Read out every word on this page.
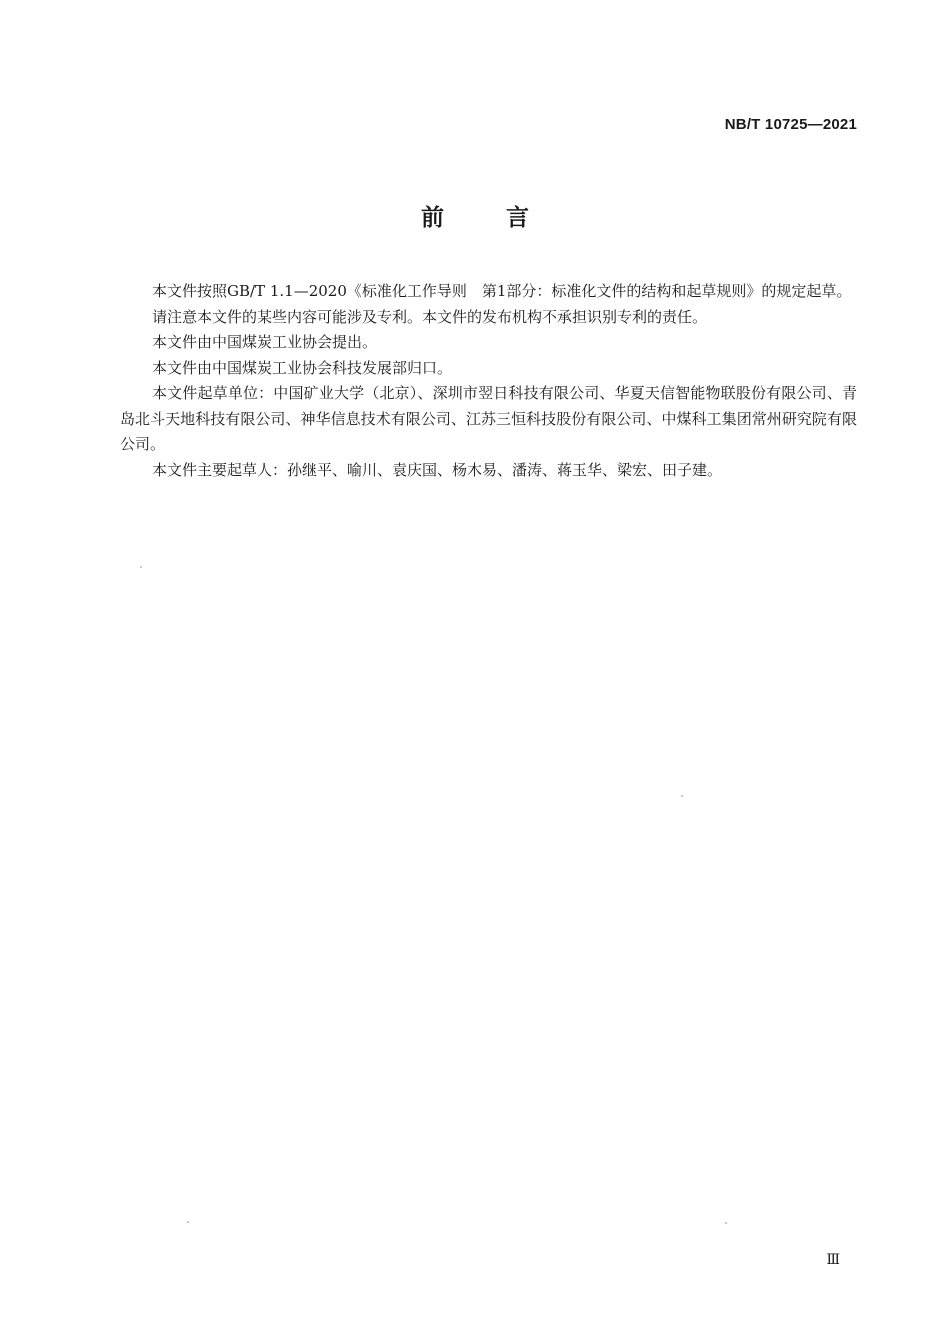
NB/T 10725—2021
前言

本文件按照GB/T 1.1—2020《标准化工作导则　第1部分：标准化文件的结构和起草规则》的规定起草。

请注意本文件的某些内容可能涉及专利。本文件的发布机构不承担识别专利的责任。

本文件由中国煤炭工业协会提出。

本文件由中国煤炭工业协会科技发展部归口。

本文件起草单位：中国矿业大学（北京）、深圳市翌日科技有限公司、华夏天信智能物联股份有限公司、青岛北斗天地科技有限公司、神华信息技术有限公司、江苏三恒科技股份有限公司、中煤科工集团常州研究院有限公司。

本文件主要起草人：孙继平、喻川、袁庆国、杨木易、潘涛、蒋玉华、梁宏、田子建。

Ⅲ
